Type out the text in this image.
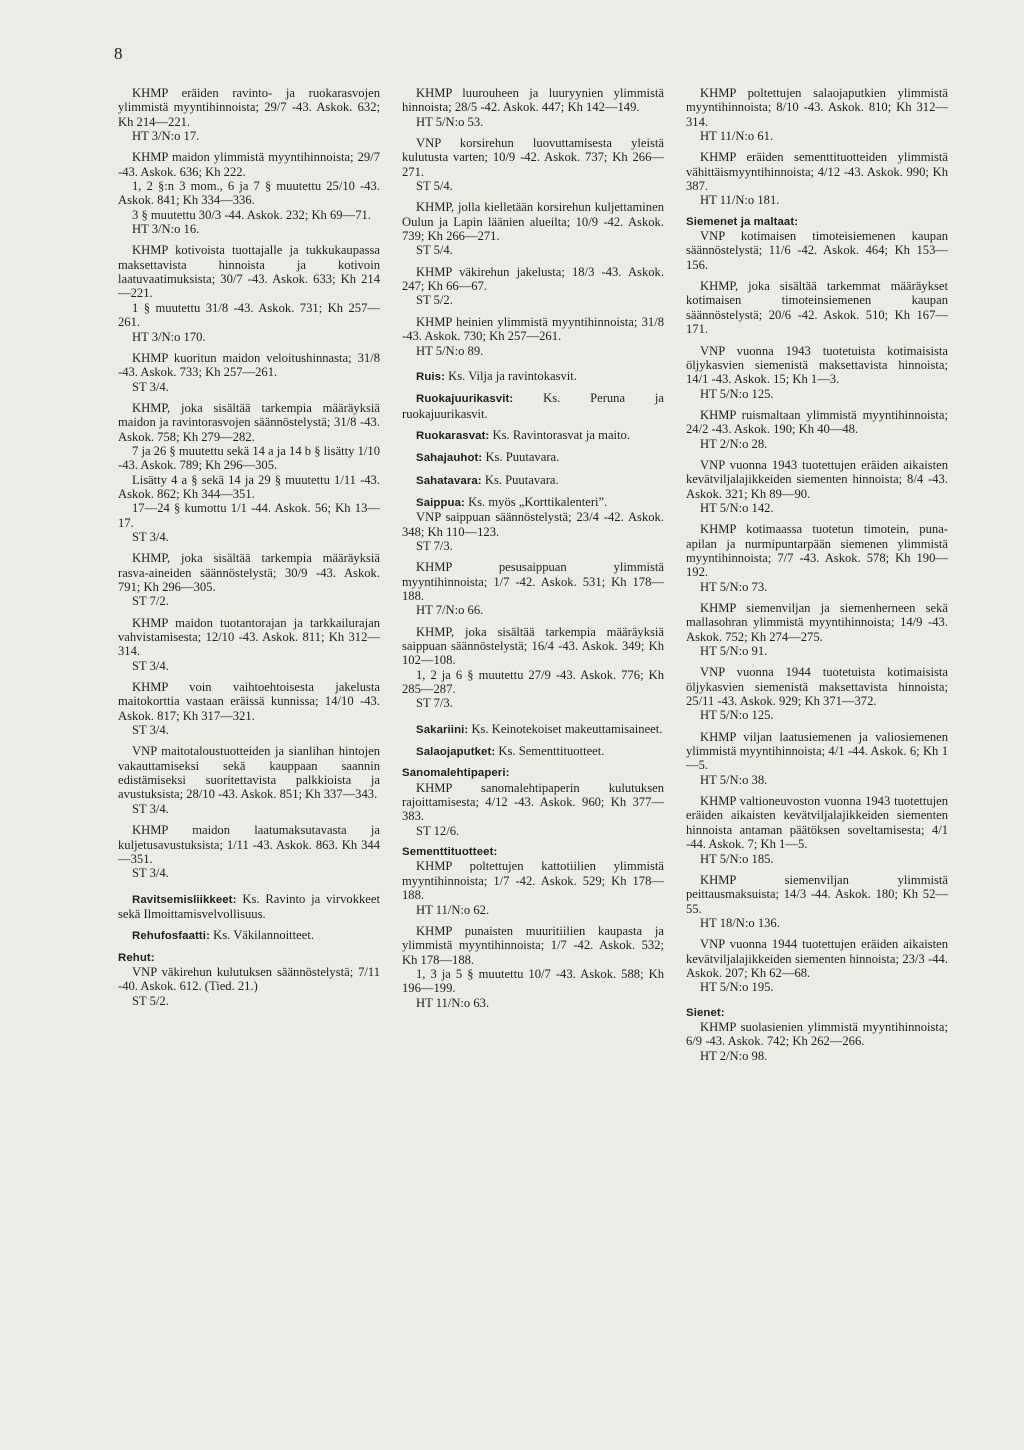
8

KHMP eräiden ravinto- ja ruokarasvojen ylimmistä myyntihinnoista; 29/7 -43. Askok. 632; Kh 214—221.

HT 3/N:o 17.

KHMP maidon ylimmistä myyntihinnoista; 29/7 -43. Askok. 636; Kh 222.

1, 2 §:n 3 mom., 6 ja 7 § muutettu 25/10 -43. Askok. 841; Kh 334—336.

3 § muutettu 30/3 -44. Askok. 232; Kh 69—71.

HT 3/N:o 16.

KHMP kotivoista tuottajalle ja tukkukaupassa maksettavista hinnoista ja kotivoin laatuvaatimuksista; 30/7 -43. Askok. 633; Kh 214—221.

1 § muutettu 31/8 -43. Askok. 731; Kh 257—261.

HT 3/N:o 170.

KHMP kuoritun maidon veloitushinnasta; 31/8 -43. Askok. 733; Kh 257—261.

ST 3/4.

KHMP, joka sisältää tarkempia määräyksiä maidon ja ravintorasvojen säännöstelystä; 31/8 -43. Askok. 758; Kh 279—282.

7 ja 26 § muutettu sekä 14 a ja 14 b § lisätty 1/10 -43. Askok. 789; Kh 296—305.

Lisätty 4 a § sekä 14 ja 29 § muutettu 1/11 -43. Askok. 862; Kh 344—351.

17—24 § kumottu 1/1 -44. Askok. 56; Kh 13—17.

ST 3/4.

KHMP, joka sisältää tarkempia määräyksiä rasva-aineiden säännöstelystä; 30/9 -43. Askok. 791; Kh 296—305.

ST 7/2.

KHMP maidon tuotantorajan ja tarkkailurajan vahvistamisesta; 12/10 -43. Askok. 811; Kh 312—314.

ST 3/4.

KHMP voin vaihtoehtoisesta jakelusta maitokorttia vastaan eräissä kunnissa; 14/10 -43. Askok. 817; Kh 317—321.

ST 3/4.

VNP maitotaloustuotteiden ja sianlihan hintojen vakauttamiseksi sekä kauppaan saannin edistämiseksi suoritettavista palkkioista ja avustuksista; 28/10 -43. Askok. 851; Kh 337—343.

ST 3/4.

KHMP maidon laatumaksutavasta ja kuljetusavustuksista; 1/11 -43. Askok. 863. Kh 344—351.

ST 3/4.

Ravitsemisliikkeet: Ks. Ravinto ja virvokkeet sekä Ilmoittamisvelvollisuus.

Rehufosfaatti: Ks. Väkilannoitteet.

Rehut:

VNP väkirehun kulutuksen säännöstelystä; 7/11 -40. Askok. 612. (Tied. 21.)

ST 5/2.

KHMP luurouheen ja luuryynien ylimmistä hinnoista; 28/5 -42. Askok. 447; Kh 142—149.

HT 5/N:o 53.

VNP korsirehun luovuttamisesta yleistä kulutusta varten; 10/9 -42. Askok. 737; Kh 266—271.

ST 5/4.

KHMP, jolla kielletään korsirehun kuljettaminen Oulun ja Lapin läänien alueilta; 10/9 -42. Askok. 739; Kh 266—271.

ST 5/4.

KHMP väkirehun jakelusta; 18/3 -43. Askok. 247; Kh 66—67.

ST 5/2.

KHMP heinien ylimmistä myyntihinnoista; 31/8 -43. Askok. 730; Kh 257—261.

HT 5/N:o 89.

Ruis: Ks. Vilja ja ravintokasvit.

Ruokajuurikasvit: Ks. Peruna ja ruokajuurikasvit.

Ruokarasvat: Ks. Ravintorasvat ja maito.

Sahajauhot: Ks. Puutavara.

Sahatavara: Ks. Puutavara.

Saippua: Ks. myös „Korttikalenteri”.

VNP saippuan säännöstelystä; 23/4 -42. Askok. 348; Kh 110—123.

ST 7/3.

KHMP pesusaippuan ylimmistä myyntihinnoista; 1/7 -42. Askok. 531; Kh 178—188.

HT 7/N:o 66.

KHMP, joka sisältää tarkempia määräyksiä saippuan säännöstelystä; 16/4 -43. Askok. 349; Kh 102—108.

1, 2 ja 6 § muutettu 27/9 -43. Askok. 776; Kh 285—287.

ST 7/3.

Sakariini: Ks. Keinotekoiset makeuttamisaineet.

Salaojaputket: Ks. Sementtituotteet.

Sanomalehtipaperi:

KHMP sanomalehtipaperin kulutuksen rajoittamisesta; 4/12 -43. Askok. 960; Kh 377—383.

ST 12/6.

Sementtituotteet:

KHMP poltettujen kattotiilien ylimmistä myyntihinnoista; 1/7 -42. Askok. 529; Kh 178—188.

HT 11/N:o 62.

KHMP punaisten muuritiilien kaupasta ja ylimmistä myyntihinnoista; 1/7 -42. Askok. 532; Kh 178—188.

1, 3 ja 5 § muutettu 10/7 -43. Askok. 588; Kh 196—199.

HT 11/N:o 63.

KHMP poltettujen salaojaputkien ylimmistä myyntihinnoista; 8/10 -43. Askok. 810; Kh 312—314.

HT 11/N:o 61.

KHMP eräiden sementtituotteiden ylimmistä vähittäismyyntihinnoista; 4/12 -43. Askok. 990; Kh 387.

HT 11/N:o 181.

Siemenet ja maltaat:

VNP kotimaisen timoteisiemenen kaupan säännöstelystä; 11/6 -42. Askok. 464; Kh 153—156.

KHMP, joka sisältää tarkemmat määräykset kotimaisen timoteinsiemenen kaupan säännöstelystä; 20/6 -42. Askok. 510; Kh 167—171.

VNP vuonna 1943 tuotetuista kotimaisista öljykasvien siemenistä maksettavista hinnoista; 14/1 -43. Askok. 15; Kh 1—3.

HT 5/N:o 125.

KHMP ruismaltaan ylimmistä myyntihinnoista; 24/2 -43. Askok. 190; Kh 40—48.

HT 2/N:o 28.

VNP vuonna 1943 tuotettujen eräiden aikaisten kevätviljalajikkeiden siementen hinnoista; 8/4 -43. Askok. 321; Kh 89—90.

HT 5/N:o 142.

KHMP kotimaassa tuotetun timotein, puna-apilan ja nurmipuntarpään siemenen ylimmistä myyntihinnoista; 7/7 -43. Askok. 578; Kh 190—192.

HT 5/N:o 73.

KHMP siemenviljan ja siemenherneen sekä mallasohran ylimmistä myyntihinnoista; 14/9 -43. Askok. 752; Kh 274—275.

HT 5/N:o 91.

VNP vuonna 1944 tuotetuista kotimaisista öljykasvien siemenistä maksettavista hinnoista; 25/11 -43. Askok. 929; Kh 371—372.

HT 5/N:o 125.

KHMP viljan laatusiemenen ja valiosiemenen ylimmistä myyntihinnoista; 4/1 -44. Askok. 6; Kh 1—5.

HT 5/N:o 38.

KHMP valtioneuvoston vuonna 1943 tuotettujen eräiden aikaisten kevätviljalajikkeiden siementen hinnoista antaman päätöksen soveltamisesta; 4/1 -44. Askok. 7; Kh 1—5.

HT 5/N:o 185.

KHMP siemenviljan ylimmistä peittausmaksuista; 14/3 -44. Askok. 180; Kh 52—55.

HT 18/N:o 136.

VNP vuonna 1944 tuotettujen eräiden aikaisten kevätviljalajikkeiden siementen hinnoista; 23/3 -44. Askok. 207; Kh 62—68.

HT 5/N:o 195.

Sienet:

KHMP suolasienien ylimmistä myyntihinnoista; 6/9 -43. Askok. 742; Kh 262—266.

HT 2/N:o 98.
